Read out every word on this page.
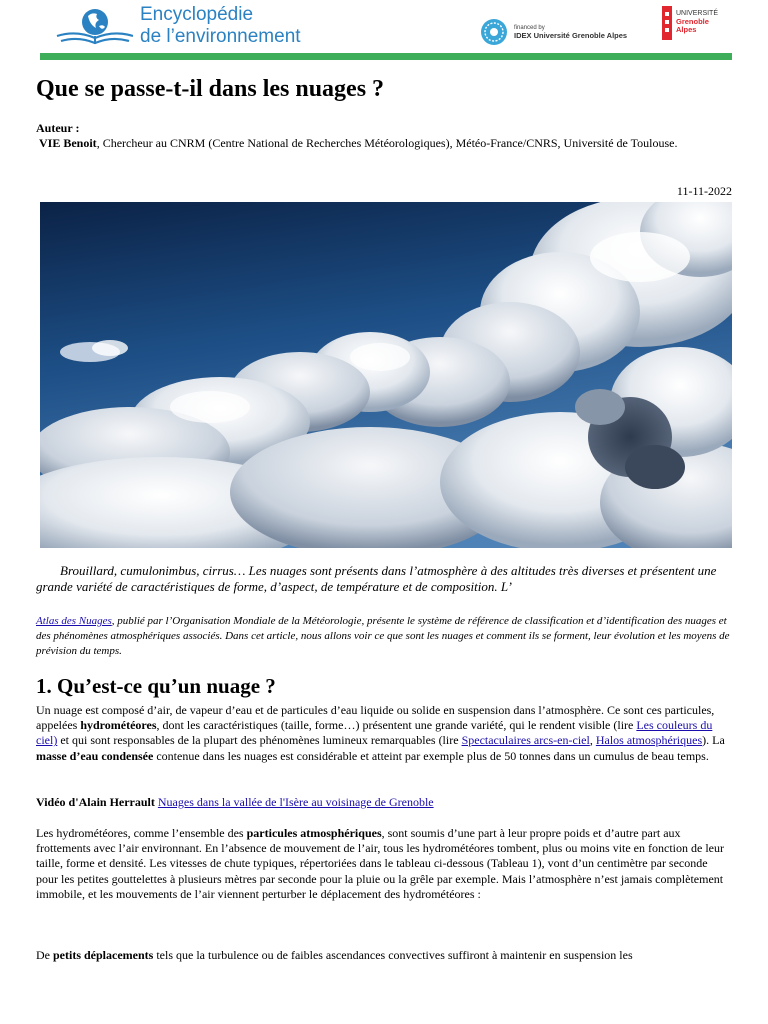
Encyclopédie
de l’environnement	financed by
IDEX Université Grenoble Alpes
UNIVERSITÉ
Grenoble
Alpes
Que se passe-t-il dans les nuages ?
Auteur :
VIE Benoit, Chercheur au CNRM (Centre National de Recherches Météorologiques), Météo-France/CNRS, Université de Toulouse.
11-11-2022

Brouillard, cumulonimbus, cirrus… Les nuages sont présents dans l’atmosphère à des altitudes très diverses et présentent une grande variété de caractéristiques de forme, d’aspect, de température et de composition. L’

Atlas des Nuages, publié par l’Organisation Mondiale de la Météorologie, présente le système de référence de classification et d’identification des nuages et des phénomènes atmosphériques associés. Dans cet article, nous allons voir ce que sont les nuages et comment ils se forment, leur évolution et les moyens de prévision du temps.

1. Qu’est-ce qu’un nuage ?

Un nuage est composé d’air, de vapeur d’eau et de particules d’eau liquide ou solide en suspension dans l’atmosphère. Ce sont ces particules, appelées hydrométéores, dont les caractéristiques (taille, forme…) présentent une grande variété, qui le rendent visible (lire Les couleurs du ciel) et qui sont responsables de la plupart des phénomènes lumineux remarquables (lire Spectaculaires arcs-en-ciel, Halos atmosphériques). La masse d’eau condensée contenue dans les nuages est considérable et atteint par exemple plus de 50 tonnes dans un cumulus de beau temps.

Vidéo d'Alain Herrault Nuages dans la vallée de l'Isère au voisinage de Grenoble

Les hydrométéores, comme l’ensemble des particules atmosphériques, sont soumis d’une part à leur propre poids et d’autre part aux frottements avec l’air environnant. En l’absence de mouvement de l’air, tous les hydrométéores tombent, plus ou moins vite en fonction de leur taille, forme et densité. Les vitesses de chute typiques, répertoriées dans le tableau ci-dessous (Tableau 1), vont d’un centimètre par seconde pour les petites gouttelettes à plusieurs mètres par seconde pour la pluie ou la grêle par exemple. Mais l’atmosphère n’est jamais complètement immobile, et les mouvements de l’air viennent perturber le déplacement des hydrométéores :

De petits déplacements tels que la turbulence ou de faibles ascendances convectives suffiront à maintenir en suspension les
